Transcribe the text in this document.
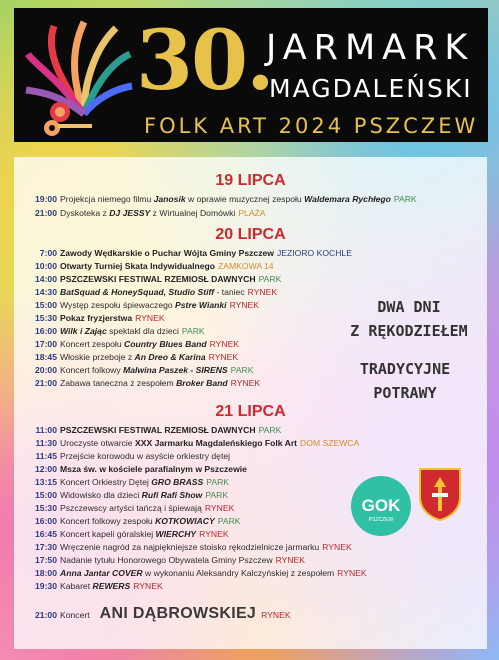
30.
JARMARK
MAGDALEŃSKI
FOLK ART 2024 PSZCZEW
19 LIPCA
19:00 Projekcja niemego filmu Janosik w oprawie muzycznej zespołu Waldemara Rychłego PARK
21:00 Dyskoteka z DJ JESSY z Wirtualnej Domówki PLAŻA
20 LIPCA
7:00 Zawody Wędkarskie o Puchar Wójta Gminy Pszczew JEZIORO KOCHLE
10:00 Otwarty Turniej Skata Indywidualnego ZAMKOWA 14
14:00 PSZCZEWSKI FESTIWAL RZEMIOSŁ DAWNYCH PARK
14:30 BatSquad & HoneySquad, Studio Stiff - taniec RYNEK
15:00 Występ zespołu śpiewaczego Pstre Wianki RYNEK
15:30 Pokaz fryzjerstwa RYNEK
16:00 Wilk i Zając spektakl dla dzieci PARK
17:00 Koncert zespołu Country Blues Band RYNEK
18:45 Włoskie przeboje z An Dreo & Karina RYNEK
20:00 Koncert folkowy Malwina Paszek - SIRENS PARK
21:00 Zabawa taneczna z zespołem Broker Band RYNEK
21 LIPCA
11:00 PSZCZEWSKI FESTIWAL RZEMIOSŁ DAWNYCH PARK
11:30 Uroczyste otwarcie XXX Jarmarku Magdaleńskiego Folk Art DOM SZEWCA
11:45 Przejście korowodu w asyście orkiestry dętej
12:00 Msza św. w kościele parafialnym w Pszczewie
13:15 Koncert Orkiestry Dętej GRO BRASS PARK
15:00 Widowisko dla dzieci Rufi Rafi Show PARK
15:30 Pszczewscy artyści tańczą i śpiewają RYNEK
16:00 Koncert folkowy zespołu KOTKOWIACY PARK
16:45 Koncert kapeli góralskiej WIERCHY RYNEK
17:30 Wręczenie nagród za najpiękniejsze stoisko rękodzielnicze jarmarku RYNEK
17:50 Nadanie tytułu Honorowego Obywatela Gminy Pszczew RYNEK
18:00 Anna Jantar COVER w wykonaniu Aleksandry Kalczyńskiej z zespołem RYNEK
19:30 Kabaret REWERS RYNEK
21:00 Koncert ANI DĄBROWSKIEJ RYNEK
DWA DNI
Z RĘKODZIEŁEM
TRADYCYJNE
POTRAWY
GOK
PSZCZEW
